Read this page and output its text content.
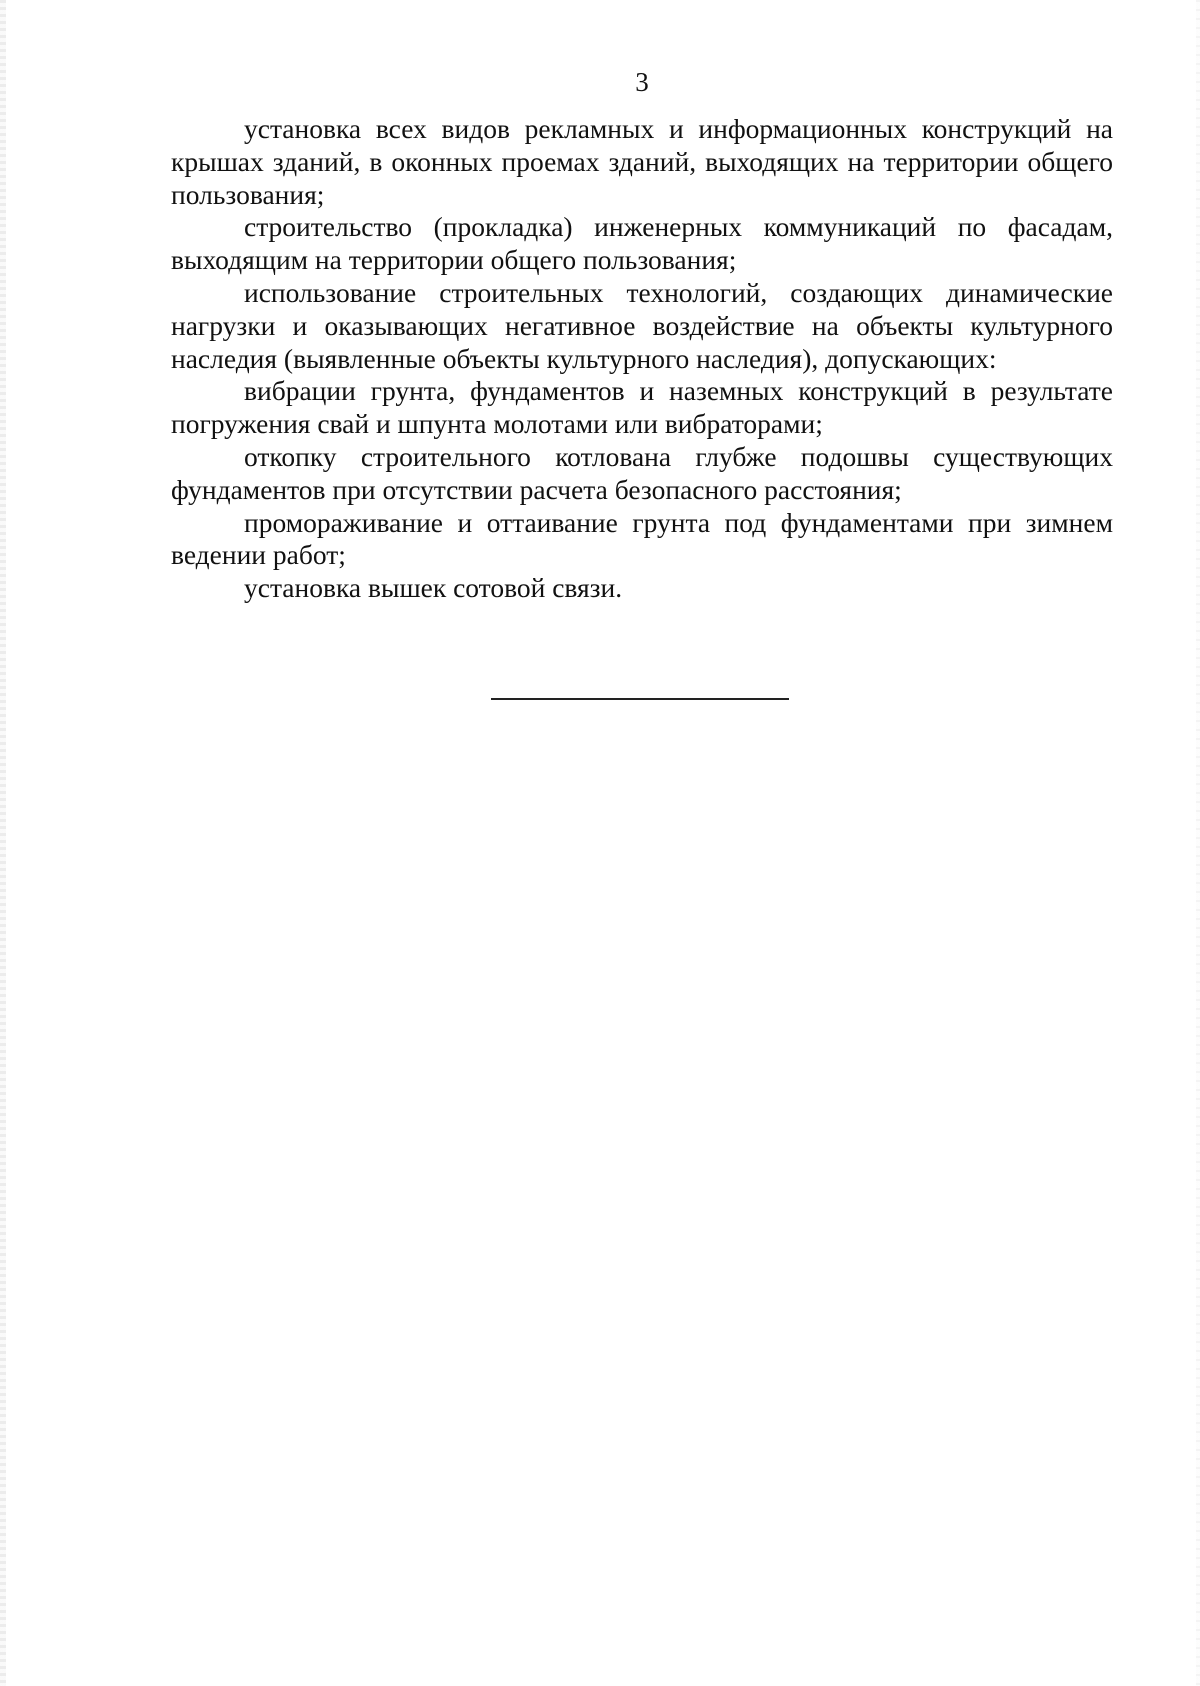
3

установка всех видов рекламных и информационных конструкций на крышах зданий, в оконных проемах зданий, выходящих на территории общего пользования;

строительство (прокладка) инженерных коммуникаций по фасадам, выходящим на территории общего пользования;

использование строительных технологий, создающих динамические нагрузки и оказывающих негативное воздействие на объекты культурного наследия (выявленные объекты культурного наследия), допускающих:

вибрации грунта, фундаментов и наземных конструкций в результате погружения свай и шпунта молотами или вибраторами;

откопку строительного котлована глубже подошвы существующих фундаментов при отсутствии расчета безопасного расстояния;

промораживание и оттаивание грунта под фундаментами при зимнем ведении работ;

установка вышек сотовой связи.
